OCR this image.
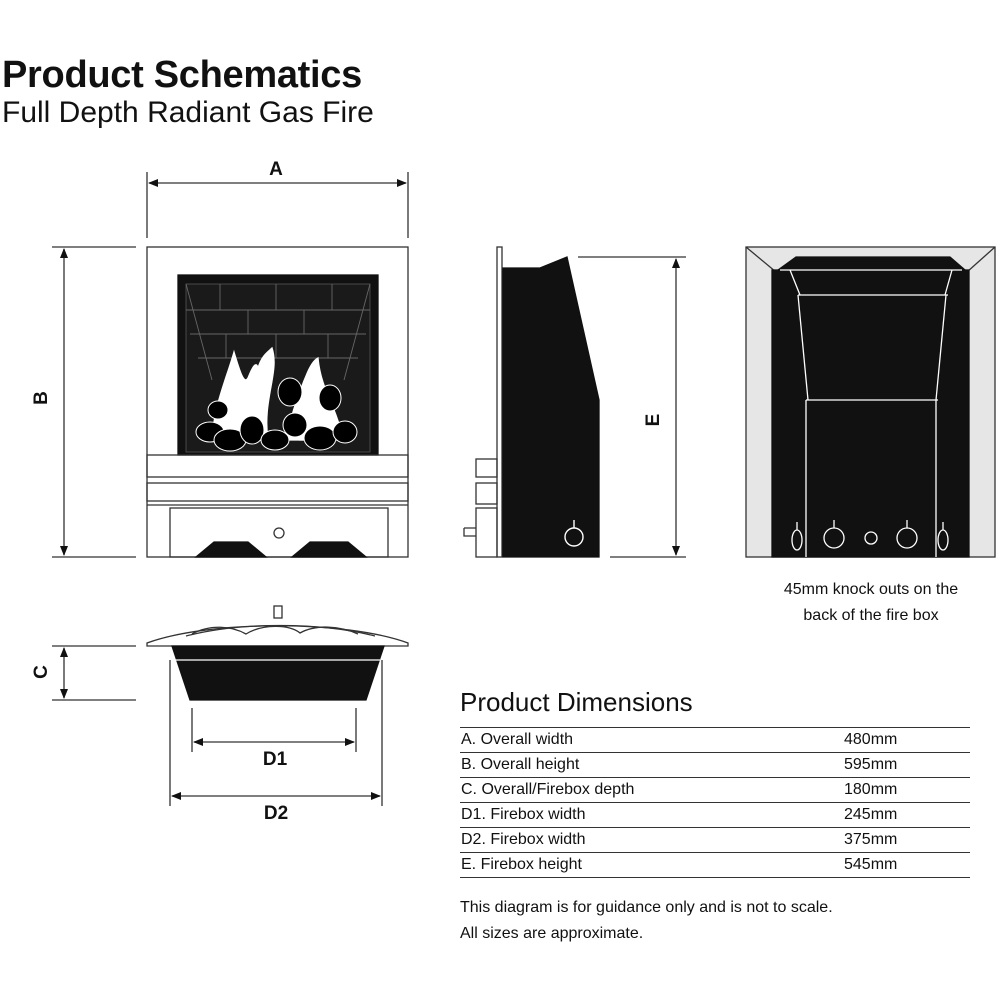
Product Schematics
Full Depth Radiant Gas Fire
A
B
E
C
D1
D2
45mm knock outs on the
back of the fire box
Product Dimensions
A. Overall width	480mm
B. Overall height	595mm
C. Overall/Firebox depth	180mm
D1. Firebox width	245mm
D2. Firebox width	375mm
E. Firebox height	545mm
This diagram is for guidance only and is not to scale.
All sizes are approximate.
